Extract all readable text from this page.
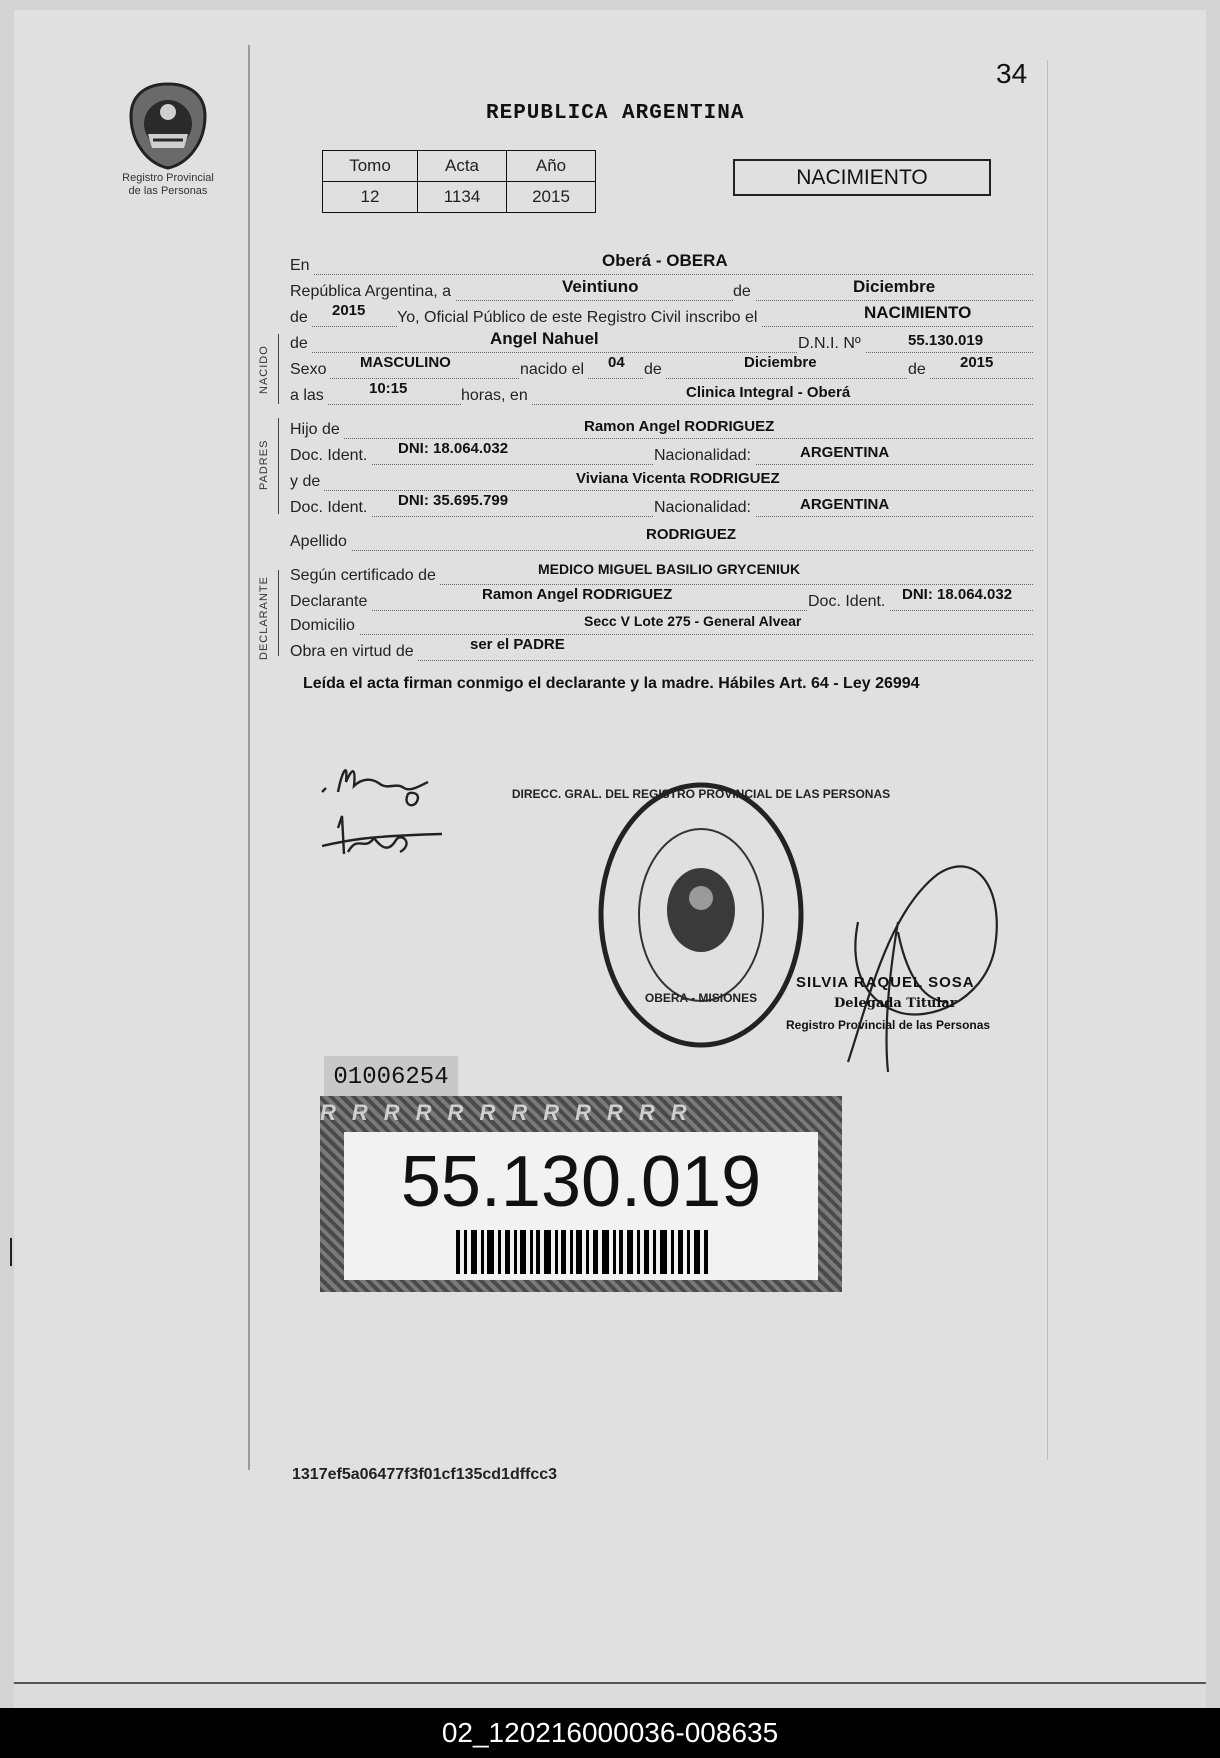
34
Registro Provincial
de las Personas
REPUBLICA ARGENTINA
Tomo	Acta	Año
12	1134	2015
NACIMIENTO
En	Oberá - OBERA
República Argentina, a	Veintiuno	de	Diciembre
de 2015 Yo, Oficial Público de este Registro Civil inscribo el	NACIMIENTO
NACIDO
de	Angel Nahuel	D.N.I. Nº	55.130.019
Sexo MASCULINO	nacido el 04 de	Diciembre	de 2015
a las	10:15	horas, en	Clinica Integral - Oberá
PADRES
Hijo de	Ramon Angel RODRIGUEZ
Doc. Ident. DNI: 18.064.032	Nacionalidad:	ARGENTINA
y de	Viviana Vicenta RODRIGUEZ
Doc. Ident. DNI: 35.695.799	Nacionalidad:	ARGENTINA
Apellido	RODRIGUEZ
DECLARANTE
Según certificado de	MEDICO MIGUEL BASILIO GRYCENIUK
Declarante	Ramon Angel RODRIGUEZ	Doc. Ident. DNI: 18.064.032
Domicilio	Secc V Lote 275 - General Alvear
Obra en virtud de	ser el PADRE
Leída el acta firman conmigo el declarante y la madre. Hábiles Art. 64 - Ley 26994
DIRECC. GRAL. DEL REGISTRO PROVINCIAL DE LAS PERSONAS
OBERA - MISIONES
SILVIA RAQUEL SOSA
Delegada Titular
Registro Provincial de las Personas
01006254
RRRRRRRRRRRR
55.130.019
1317ef5a06477f3f01cf135cd1dffcc3
02_120216000036-008635
